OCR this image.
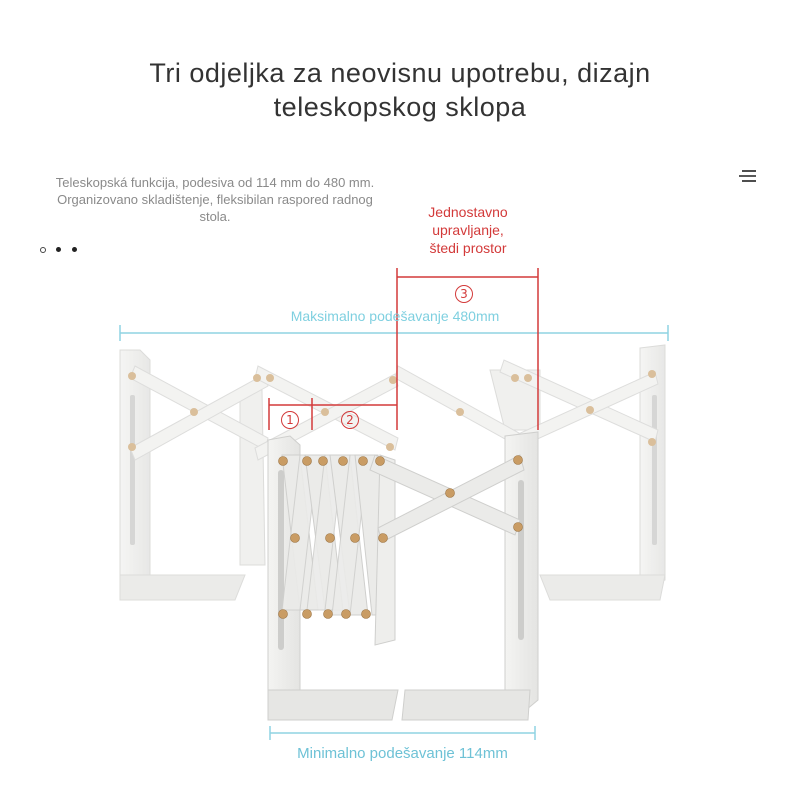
Tri odjeljka za neovisnu upotrebu, dizajn
teleskopskog sklopa
Teleskopská funkcija, podesiva od 114 mm do 480 mm. Organizovano skladištenje, fleksibilan raspored radnog stola.
	Jednostavno
upravljanje,
štedi prostor
1	2
3
Maksimalno podešavanje 480mm
Minimalno podešavanje 114mm
